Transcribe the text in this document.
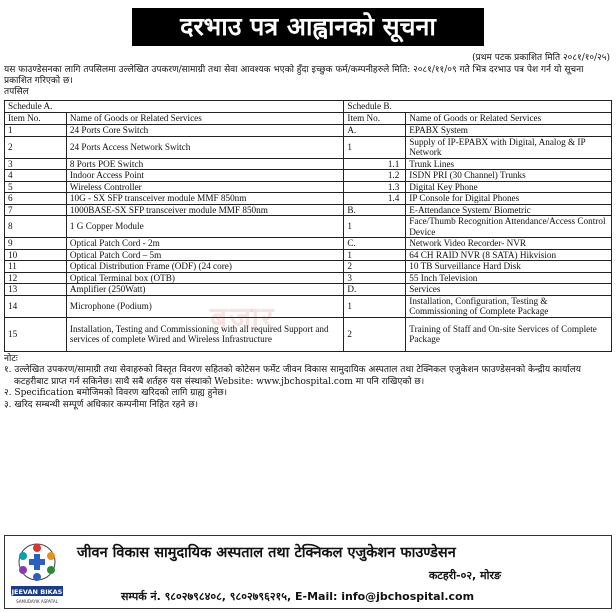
दरभाउ पत्र आह्वानको सूचना
(प्रथम पटक प्रकाशित मिति २०८१/१०/२५)
यस फाउण्डेसनका लागि तपसिलमा उल्लेखित उपकरण/सामाग्री तथा सेवा आवश्यक भएको हुँदा इच्छुक फर्म/कम्पनीहरुले मिति: २०८१/११/०९ गते भित्र दरभाउ पत्र पेश गर्न यो सूचना प्रकाशित गरिएको छ।
तपसिल
Schedule A.		Schedule B.	
Item No.	Name of Goods or Related Services	Item No.	Name of Goods or Related Services
1	24 Ports Core Switch	A.	EPABX System
2	24 Ports Access Network Switch	1	Supply of IP-EPABX with Digital, Analog & IP Network
3	8 Ports POE Switch	1.1	Trunk Lines
4	Indoor Access Point	1.2	ISDN PRI (30 Channel) Trunks
5	Wireless Controller	1.3	Digital Key Phone
6	10G - SX SFP transceiver module MMF 850nm	1.4	IP Console for Digital Phones
7	1000BASE-SX SFP transceiver module MMF 850nm	B.	E-Attendance System/ Biometric
8	1 G Copper Module	1	Face/Thumb Recognition Attendance/Access Control Device
9	Optical Patch Cord - 2m	C.	Network Video Recorder- NVR
10	Optical Patch Cord – 5m	1	64 CH RAID NVR (8 SATA) Hikvision
11	Optical Distribution Frame (ODF) (24 core)	2	10 TB Surveillance Hard Disk
12	Optical Terminal box (OTB)	3	55 Inch Television
13	Amplifier (250Watt)	D.	Services
14	Microphone (Podium)	1	Installation, Configuration, Testing & Commissioning of Complete Package
15	Installation, Testing and Commissioning with all required Support and services of complete Wired and Wireless Infrastructure	2	Training of Staff and On-site Services of Complete Package
नोटः
१. उल्लेखित उपकरण/सामाग्री तथा सेवाहरुको विस्तृत विवरण सहितको कोटेसन फर्मेट जीवन विकास सामुदायिक अस्पताल तथा टेक्निकल एजुकेशन फाउण्डेसनको केन्द्रीय कार्यालय कटहरीबाट प्राप्त गर्न सकिनेछ। साथै सबै शर्तहरु यस संस्थाको Website: www.jbchospital.com मा पनि राखिएको छ।
२. Specification बमोजिमको विवरण खरिदको लागि ग्राह्य हुनेछ।
३. खरिद सम्बन्धी सम्पूर्ण अधिकार कम्पनीमा निहित रहने छ।
बजार
JEEVAN BIKAS
SAMUDAYIK ASPATAL
जीवन विकास सामुदायिक अस्पताल तथा टेक्निकल एजुकेशन फाउण्डेसन
कटहरी-०२, मोरङ
सम्पर्क नं. ९८०२७९८४०८, ९८०२७९६२१५, E-Mail: info@jbchospital.com
